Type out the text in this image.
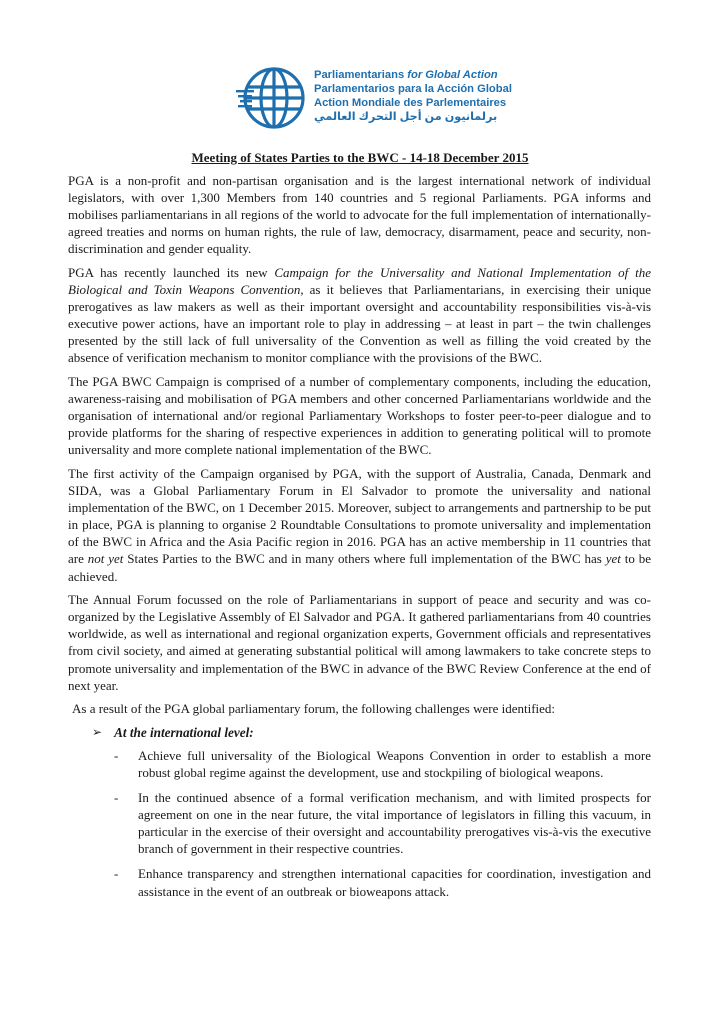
Parliamentarians for Global Action
Parlamentarios para la Acción Global
Action Mondiale des Parlementaires
برلمانيون من أجل التحرك العالمي
Meeting of States Parties to the BWC - 14-18 December 2015

PGA is a non-profit and non-partisan organisation and is the largest international network of individual legislators, with over 1,300 Members from 140 countries and 5 regional Parliaments. PGA informs and mobilises parliamentarians in all regions of the world to advocate for the full implementation of internationally-agreed treaties and norms on human rights, the rule of law, democracy, disarmament, peace and security, non-discrimination and gender equality.

PGA has recently launched its new Campaign for the Universality and National Implementation of the Biological and Toxin Weapons Convention, as it believes that Parliamentarians, in exercising their unique prerogatives as law makers as well as their important oversight and accountability responsibilities vis-à-vis executive power actions, have an important role to play in addressing – at least in part – the twin challenges presented by the still lack of full universality of the Convention as well as filling the void created by the absence of verification mechanism to monitor compliance with the provisions of the BWC.

The PGA BWC Campaign is comprised of a number of complementary components, including the education, awareness-raising and mobilisation of PGA members and other concerned Parliamentarians worldwide and the organisation of international and/or regional Parliamentary Workshops to foster peer-to-peer dialogue and to provide platforms for the sharing of respective experiences in addition to generating political will to promote universality and more complete national implementation of the BWC.

The first activity of the Campaign organised by PGA, with the support of Australia, Canada, Denmark and SIDA, was a Global Parliamentary Forum in El Salvador to promote the universality and national implementation of the BWC, on 1 December 2015. Moreover, subject to arrangements and partnership to be put in place, PGA is planning to organise 2 Roundtable Consultations to promote universality and implementation of the BWC in Africa and the Asia Pacific region in 2016. PGA has an active membership in 11 countries that are not yet States Parties to the BWC and in many others where full implementation of the BWC has yet to be achieved.

The Annual Forum focussed on the role of Parliamentarians in support of peace and security and was co-organized by the Legislative Assembly of El Salvador and PGA. It gathered parliamentarians from 40 countries worldwide, as well as international and regional organization experts, Government officials and representatives from civil society, and aimed at generating substantial political will among lawmakers to take concrete steps to promote universality and implementation of the BWC in advance of the BWC Review Conference at the end of next year.

As a result of the PGA global parliamentary forum, the following challenges were identified:

➢ At the international level:
- Achieve full universality of the Biological Weapons Convention in order to establish a more robust global regime against the development, use and stockpiling of biological weapons.
- In the continued absence of a formal verification mechanism, and with limited prospects for agreement on one in the near future, the vital importance of legislators in filling this vacuum, in particular in the exercise of their oversight and accountability prerogatives vis-à-vis the executive branch of government in their respective countries.
- Enhance transparency and strengthen international capacities for coordination, investigation and assistance in the event of an outbreak or bioweapons attack.
